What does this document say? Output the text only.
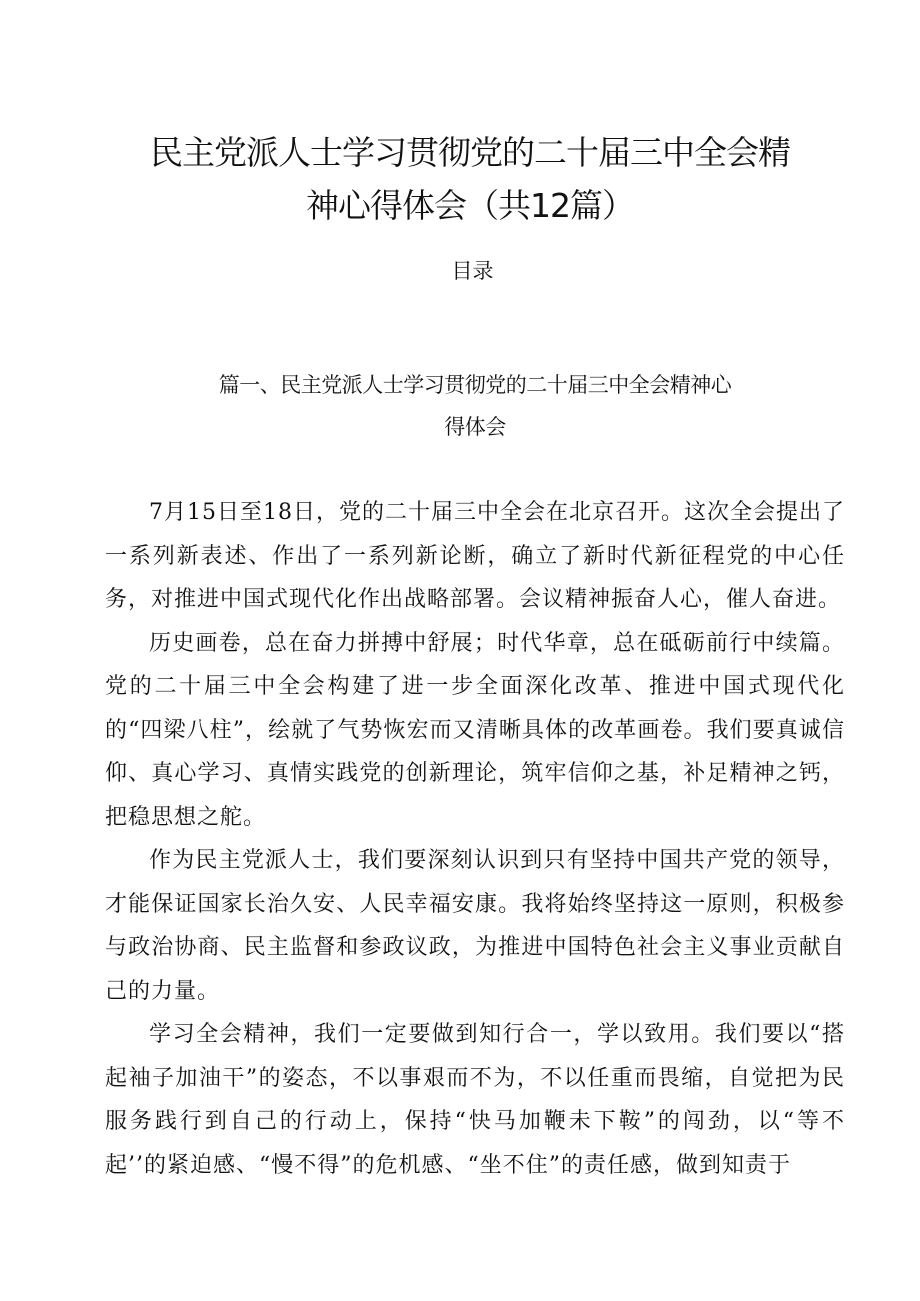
民主党派人士学习贯彻党的二十届三中全会精
神心得体会（共12篇）
目录
篇一、民主党派人士学习贯彻党的二十届三中全会精神心
得体会

7月15日至18日，党的二十届三中全会在北京召开。这次全会提出了一系列新表述、作出了一系列新论断，确立了新时代新征程党的中心任务，对推进中国式现代化作出战略部署。会议精神振奋人心，催人奋进。

历史画卷，总在奋力拼搏中舒展；时代华章，总在砥砺前行中续篇。党的二十届三中全会构建了进一步全面深化改革、推进中国式现代化的“四梁八柱”，绘就了气势恢宏而又清晰具体的改革画卷。我们要真诚信仰、真心学习、真情实践党的创新理论，筑牢信仰之基，补足精神之钙，把稳思想之舵。

作为民主党派人士，我们要深刻认识到只有坚持中国共产党的领导，才能保证国家长治久安、人民幸福安康。我将始终坚持这一原则，积极参与政治协商、民主监督和参政议政，为推进中国特色社会主义事业贡献自己的力量。

学习全会精神，我们一定要做到知行合一，学以致用。我们要以“搭起袖子加油干”的姿态，不以事艰而不为，不以任重而畏缩，自觉把为民服务践行到自己的行动上，保持“快马加鞭未下鞍”的闯劲，以“等不起’’的紧迫感、“慢不得”的危机感、“坐不住”的责任感，做到知责于
